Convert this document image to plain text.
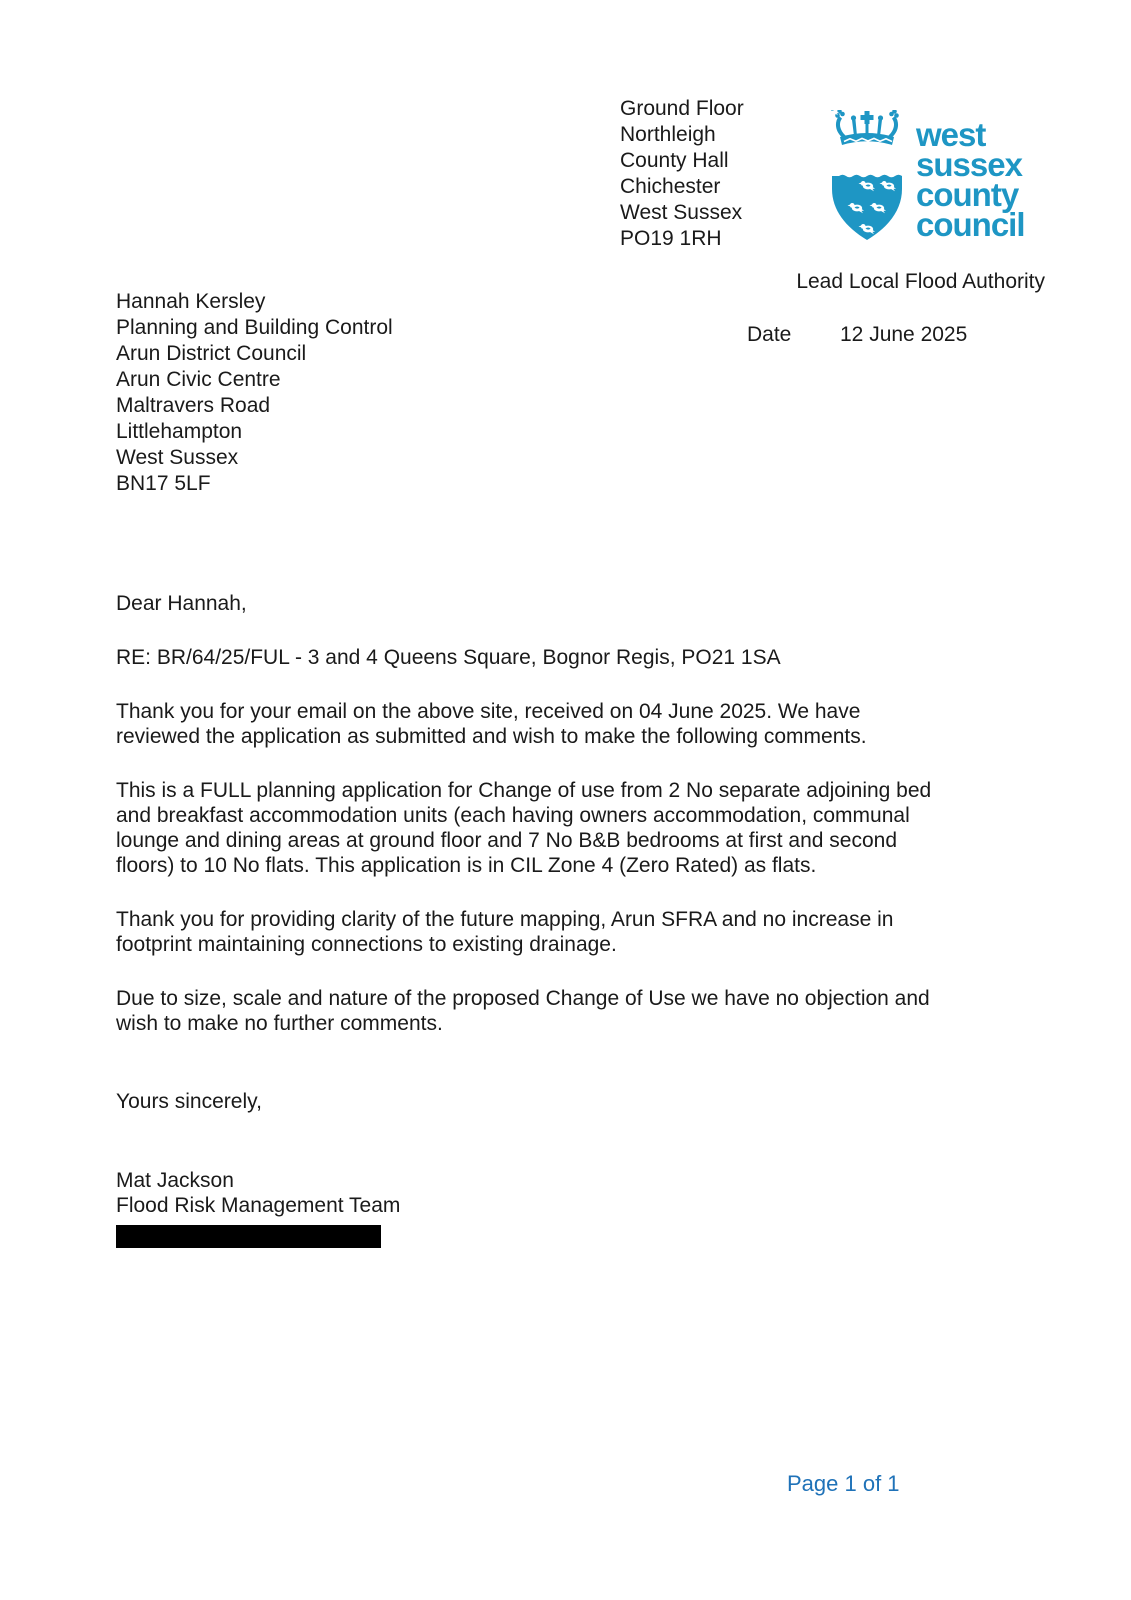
Ground Floor
Northleigh
County Hall
Chichester
West Sussex
PO19 1RH
west
sussex
county
council
Lead Local Flood Authority
Date 12 June 2025
Hannah Kersley
Planning and Building Control
Arun District Council
Arun Civic Centre
Maltravers Road
Littlehampton
West Sussex
BN17 5LF
Dear Hannah,
RE: BR/64/25/FUL - 3 and 4 Queens Square, Bognor Regis, PO21 1SA

Thank you for your email on the above site, received on 04 June 2025. We have
reviewed the application as submitted and wish to make the following comments.

This is a FULL planning application for Change of use from 2 No separate adjoining bed
and breakfast accommodation units (each having owners accommodation, communal
lounge and dining areas at ground floor and 7 No B&B bedrooms at first and second
floors) to 10 No flats. This application is in CIL Zone 4 (Zero Rated) as flats.

Thank you for providing clarity of the future mapping, Arun SFRA and no increase in
footprint maintaining connections to existing drainage.

Due to size, scale and nature of the proposed Change of Use we have no objection and
wish to make no further comments.

Yours sincerely,
Mat Jackson
Flood Risk Management Team
Page 1 of 1
